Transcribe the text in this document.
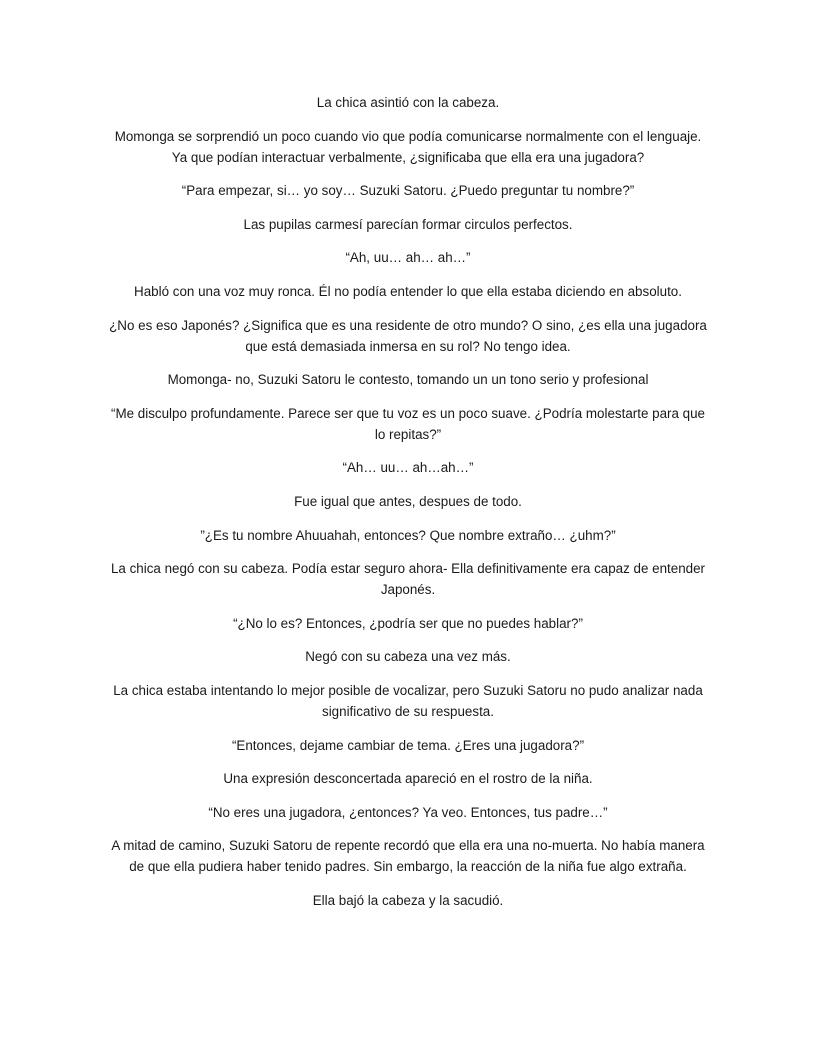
La chica asintió con la cabeza.

Momonga se sorprendió un poco cuando vio que podía comunicarse normalmente con el lenguaje. Ya que podían interactuar verbalmente, ¿significaba que ella era una jugadora?

“Para empezar, si… yo soy… Suzuki Satoru. ¿Puedo preguntar tu nombre?”

Las pupilas carmesí parecían formar circulos perfectos.

“Ah, uu… ah… ah…”

Habló con una voz muy ronca. Él no podía entender lo que ella estaba diciendo en absoluto.

¿No es eso Japonés? ¿Significa que es una residente de otro mundo? O sino, ¿es ella una jugadora que está demasiada inmersa en su rol? No tengo idea.

Momonga- no, Suzuki Satoru le contesto, tomando un un tono serio y profesional

“Me disculpo profundamente. Parece ser que tu voz es un poco suave. ¿Podría molestarte para que lo repitas?”

“Ah… uu… ah…ah…”

Fue igual que antes, despues de todo.

”¿Es tu nombre Ahuuahah, entonces? Que nombre extraño… ¿uhm?”

La chica negó con su cabeza. Podía estar seguro ahora- Ella definitivamente era capaz de entender Japonés.

“¿No lo es? Entonces, ¿podría ser que no puedes hablar?”

Negó con su cabeza una vez más.

La chica estaba intentando lo mejor posible de vocalizar, pero Suzuki Satoru no pudo analizar nada significativo de su respuesta.

“Entonces, dejame cambiar de tema. ¿Eres una jugadora?”

Una expresión desconcertada apareció en el rostro de la niña.

“No eres una jugadora, ¿entonces? Ya veo. Entonces, tus padre…”

A mitad de camino, Suzuki Satoru de repente recordó que ella era una no-muerta. No había manera de que ella pudiera haber tenido padres. Sin embargo, la reacción de la niña fue algo extraña.

Ella bajó la cabeza y la sacudió.
